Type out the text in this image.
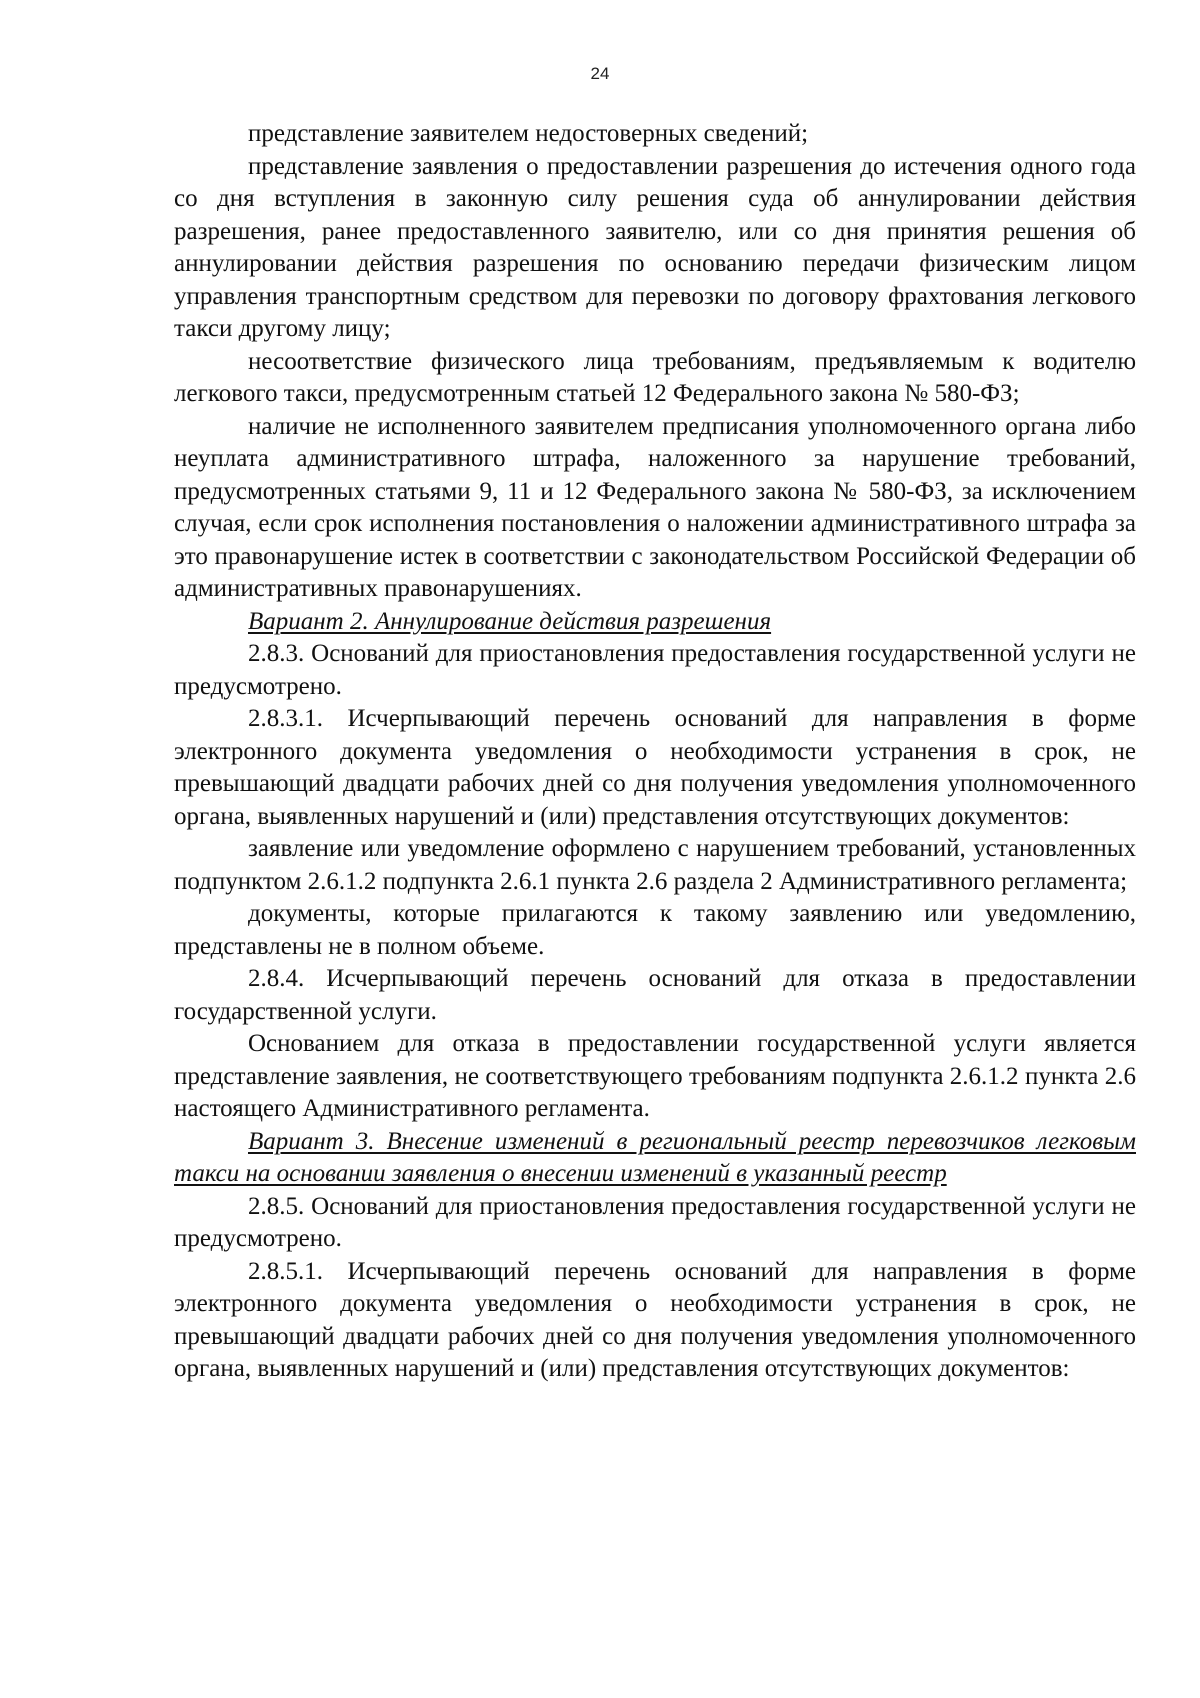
24

представление заявителем недостоверных сведений;

представление заявления о предоставлении разрешения до истечения одного года со дня вступления в законную силу решения суда об аннулировании действия разрешения, ранее предоставленного заявителю, или со дня принятия решения об аннулировании действия разрешения по основанию передачи физическим лицом управления транспортным средством для перевозки по договору фрахтования легкового такси другому лицу;

несоответствие физического лица требованиям, предъявляемым к водителю легкового такси, предусмотренным статьей 12 Федерального закона № 580-ФЗ;

наличие не исполненного заявителем предписания уполномоченного органа либо неуплата административного штрафа, наложенного за нарушение требований, предусмотренных статьями 9, 11 и 12 Федерального закона № 580-ФЗ, за исключением случая, если срок исполнения постановления о наложении административного штрафа за это правонарушение истек в соответствии с законодательством Российской Федерации об административных правонарушениях.

Вариант 2. Аннулирование действия разрешения

2.8.3. Оснований для приостановления предоставления государственной услуги не предусмотрено.

2.8.3.1. Исчерпывающий перечень оснований для направления в форме электронного документа уведомления о необходимости устранения в срок, не превышающий двадцати рабочих дней со дня получения уведомления уполномоченного органа, выявленных нарушений и (или) представления отсутствующих документов:

заявление или уведомление оформлено с нарушением требований, установленных подпунктом 2.6.1.2 подпункта 2.6.1 пункта 2.6 раздела 2 Административного регламента;

документы, которые прилагаются к такому заявлению или уведомлению, представлены не в полном объеме.

2.8.4. Исчерпывающий перечень оснований для отказа в предоставлении государственной услуги.

Основанием для отказа в предоставлении государственной услуги является представление заявления, не соответствующего требованиям подпункта 2.6.1.2 пункта 2.6 настоящего Административного регламента.

Вариант 3. Внесение изменений в региональный реестр перевозчиков легковым такси на основании заявления о внесении изменений в указанный реестр

2.8.5. Оснований для приостановления предоставления государственной услуги не предусмотрено.

2.8.5.1. Исчерпывающий перечень оснований для направления в форме электронного документа уведомления о необходимости устранения в срок, не превышающий двадцати рабочих дней со дня получения уведомления уполномоченного органа, выявленных нарушений и (или) представления отсутствующих документов:
